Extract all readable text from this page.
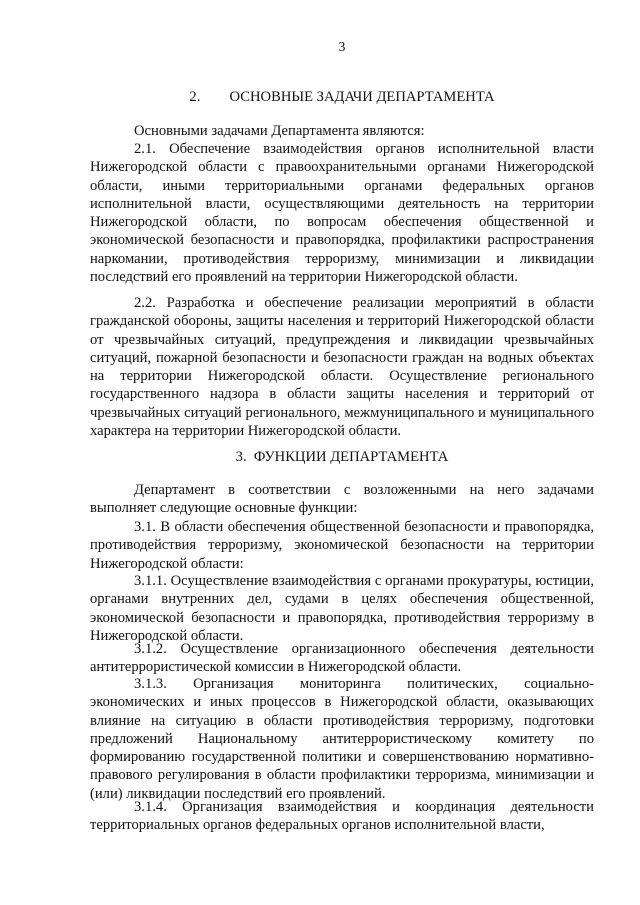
3
2.        ОСНОВНЫЕ ЗАДАЧИ ДЕПАРТАМЕНТА
Основными задачами Департамента являются:
2.1. Обеспечение взаимодействия органов исполнительной власти Нижегородской области с правоохранительными органами Нижегородской области, иными территориальными органами федеральных органов исполнительной власти, осуществляющими деятельность на территории Нижегородской области, по вопросам обеспечения общественной и экономической безопасности и правопорядка, профилактики распространения наркомании, противодействия терроризму, минимизации и ликвидации последствий его проявлений на территории Нижегородской области.
2.2. Разработка и обеспечение реализации мероприятий в области гражданской обороны, защиты населения и территорий Нижегородской области от чрезвычайных ситуаций, предупреждения и ликвидации чрезвычайных ситуаций, пожарной безопасности и безопасности граждан на водных объектах на территории Нижегородской области. Осуществление регионального государственного надзора в области защиты населения и территорий от чрезвычайных ситуаций регионального, межмуниципального и муниципального характера на территории Нижегородской области.
3.  ФУНКЦИИ ДЕПАРТАМЕНТА
Департамент в соответствии с возложенными на него задачами выполняет следующие основные функции:
3.1. В области обеспечения общественной безопасности и правопорядка, противодействия терроризму, экономической безопасности на территории Нижегородской области:
3.1.1. Осуществление взаимодействия с органами прокуратуры, юстиции, органами внутренних дел, судами в целях обеспечения общественной, экономической безопасности и правопорядка, противодействия терроризму в Нижегородской области.
3.1.2. Осуществление организационного обеспечения деятельности антитеррористической комиссии в Нижегородской области.
3.1.3. Организация мониторинга политических, социально-экономических и иных процессов в Нижегородской области, оказывающих влияние на ситуацию в области противодействия терроризму, подготовки предложений Национальному антитеррористическому комитету по формированию государственной политики и совершенствованию нормативно-правового регулирования в области профилактики терроризма, минимизации и (или) ликвидации последствий его проявлений.
3.1.4. Организация взаимодействия и координация деятельности территориальных органов федеральных органов исполнительной власти,
